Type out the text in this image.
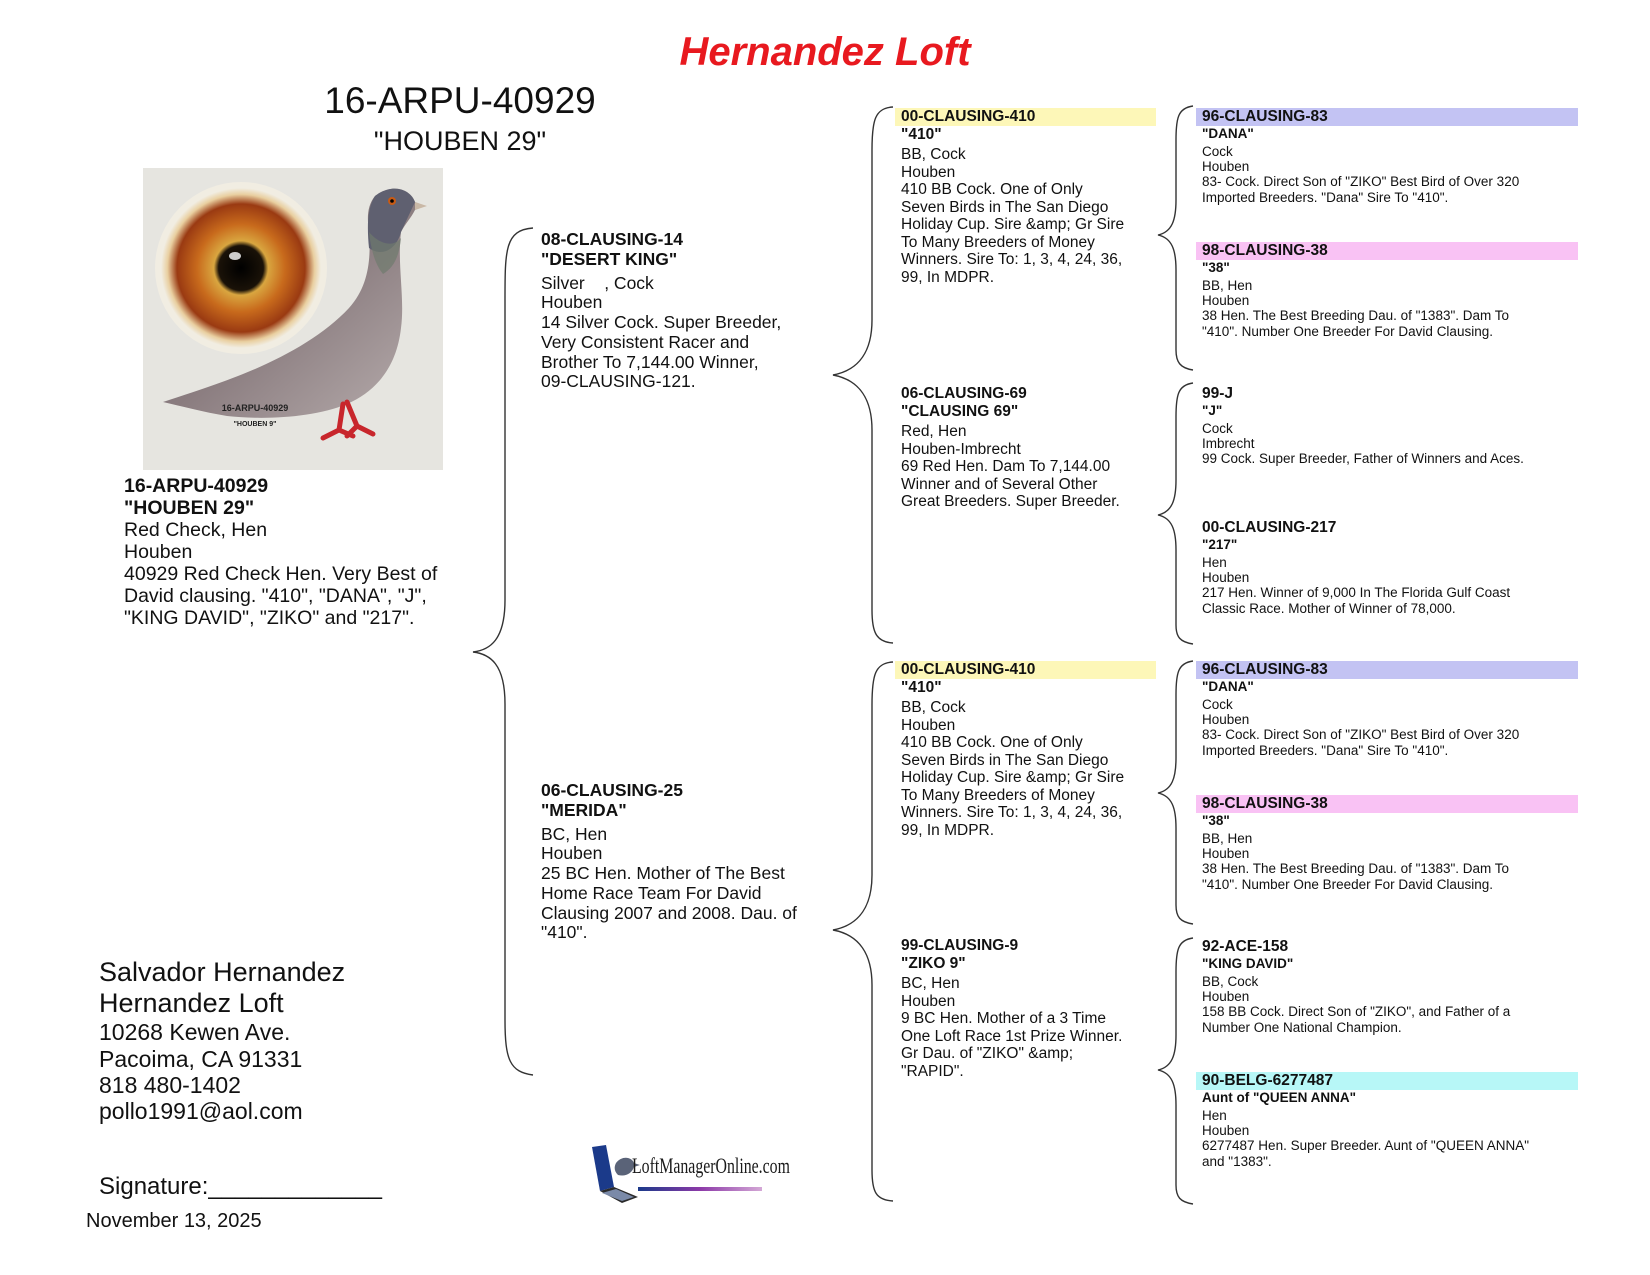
Hernandez Loft
16-ARPU-40929
"HOUBEN 29"
16-ARPU-40929
"HOUBEN 9"
16-ARPU-40929
"HOUBEN 29"
Red Check, Hen
Houben
40929 Red Check Hen. Very Best of
David clausing. "410", "DANA", "J",
"KING DAVID", "ZIKO" and "217".
08-CLAUSING-14
"DESERT KING"
Silver    , Cock
Houben
14 Silver Cock. Super Breeder,
Very Consistent Racer and
Brother To 7,144.00 Winner,
09-CLAUSING-121.
06-CLAUSING-25
"MERIDA"
BC, Hen
Houben
25 BC Hen. Mother of The Best
Home Race Team For David
Clausing 2007 and 2008. Dau. of
"410".
00-CLAUSING-410
"410"
BB, Cock
Houben
410 BB Cock. One of Only
Seven Birds in The San Diego
Holiday Cup. Sire &amp; Gr Sire
To Many Breeders of Money
Winners. Sire To: 1, 3, 4, 24, 36,
99, In MDPR.
06-CLAUSING-69
"CLAUSING 69"
Red, Hen
Houben-Imbrecht
69 Red Hen. Dam To 7,144.00
Winner and of Several Other
Great Breeders. Super Breeder.
00-CLAUSING-410
"410"
BB, Cock
Houben
410 BB Cock. One of Only
Seven Birds in The San Diego
Holiday Cup. Sire &amp; Gr Sire
To Many Breeders of Money
Winners. Sire To: 1, 3, 4, 24, 36,
99, In MDPR.
99-CLAUSING-9
"ZIKO 9"
BC, Hen
Houben
9 BC Hen. Mother of a 3 Time
One Loft Race 1st Prize Winner.
Gr Dau. of "ZIKO" &amp;
"RAPID".
96-CLAUSING-83
"DANA"
Cock
Houben
83- Cock. Direct Son of "ZIKO" Best Bird of Over 320
Imported Breeders. "Dana" Sire To "410".
98-CLAUSING-38
"38"
BB, Hen
Houben
38 Hen. The Best Breeding Dau. of "1383". Dam To
"410". Number One Breeder For David Clausing.
99-J
"J"
Cock
Imbrecht
99 Cock. Super Breeder, Father of Winners and Aces.
00-CLAUSING-217
"217"
Hen
Houben
217 Hen. Winner of 9,000 In The Florida Gulf Coast
Classic Race. Mother of Winner of 78,000.
96-CLAUSING-83
"DANA"
Cock
Houben
83- Cock. Direct Son of "ZIKO" Best Bird of Over 320
Imported Breeders. "Dana" Sire To "410".
98-CLAUSING-38
"38"
BB, Hen
Houben
38 Hen. The Best Breeding Dau. of "1383". Dam To
"410". Number One Breeder For David Clausing.
92-ACE-158
"KING DAVID"
BB, Cock
Houben
158 BB Cock. Direct Son of "ZIKO", and Father of a
Number One National Champion.
90-BELG-6277487
Aunt of "QUEEN ANNA"
Hen
Houben
6277487 Hen. Super Breeder. Aunt of "QUEEN ANNA"
and "1383".
Salvador Hernandez
Hernandez Loft
10268 Kewen Ave.
Pacoima, CA 91331
818 480-1402
pollo1991@aol.com
Signature:_____________
November 13, 2025
LoftManagerOnline.com
